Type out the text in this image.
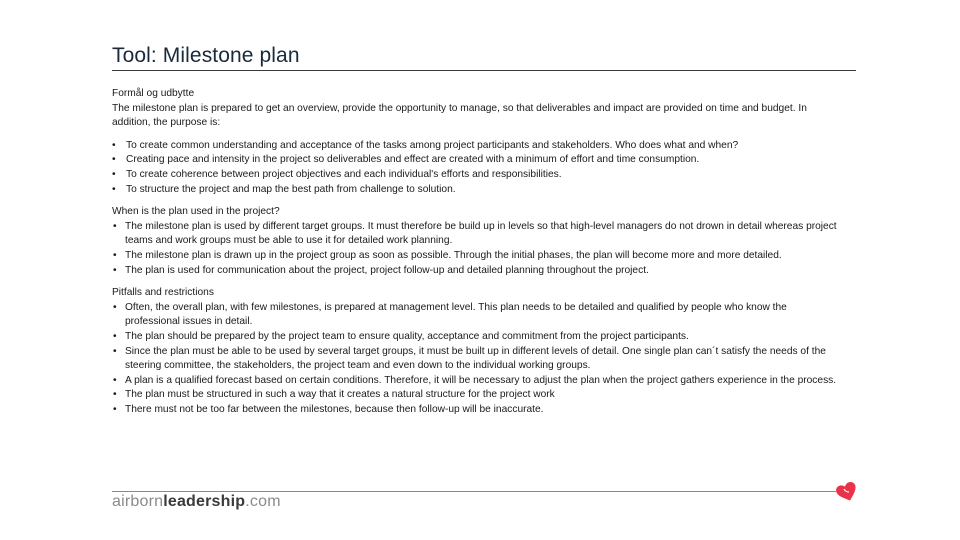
Tool: Milestone plan

Formål og udbytte

The milestone plan is prepared to get an overview, provide the opportunity to manage, so that deliverables and impact are provided on time and budget. In addition, the purpose is:

• To create common understanding and acceptance of the tasks among project participants and stakeholders. Who does what and when?
• Creating pace and intensity in the project so deliverables and effect are created with a minimum of effort and time consumption.
• To create coherence between project objectives and each individual's efforts and responsibilities.
• To structure the project and map the best path from challenge to solution.

When is the plan used in the project?

• The milestone plan is used by different target groups. It must therefore be build up in levels so that high-level managers do not drown in detail whereas project teams and work groups must be able to use it for detailed work planning.
• The milestone plan is drawn up in the project group as soon as possible. Through the initial phases, the plan will become more and more detailed.
• The plan is used for communication about the project, project follow-up and detailed planning throughout the project.

Pitfalls and restrictions

• Often, the overall plan, with few milestones, is prepared at management level. This plan needs to be detailed and qualified by people who know the professional issues in detail.
• The plan should be prepared by the project team to ensure quality, acceptance and commitment from the project participants.
• Since the plan must be able to be used by several target groups, it must be built up in different levels of detail. One single plan can´t satisfy the needs of the steering committee, the stakeholders, the project team and even down to the individual working groups.
• A plan is a qualified forecast based on certain conditions. Therefore, it will be necessary to adjust the plan when the project gathers experience in the process.
• The plan must be structured in such a way that it creates a natural structure for the project work
• There must not be too far between the milestones, because then follow-up will be inaccurate.
airbornleadership.com
